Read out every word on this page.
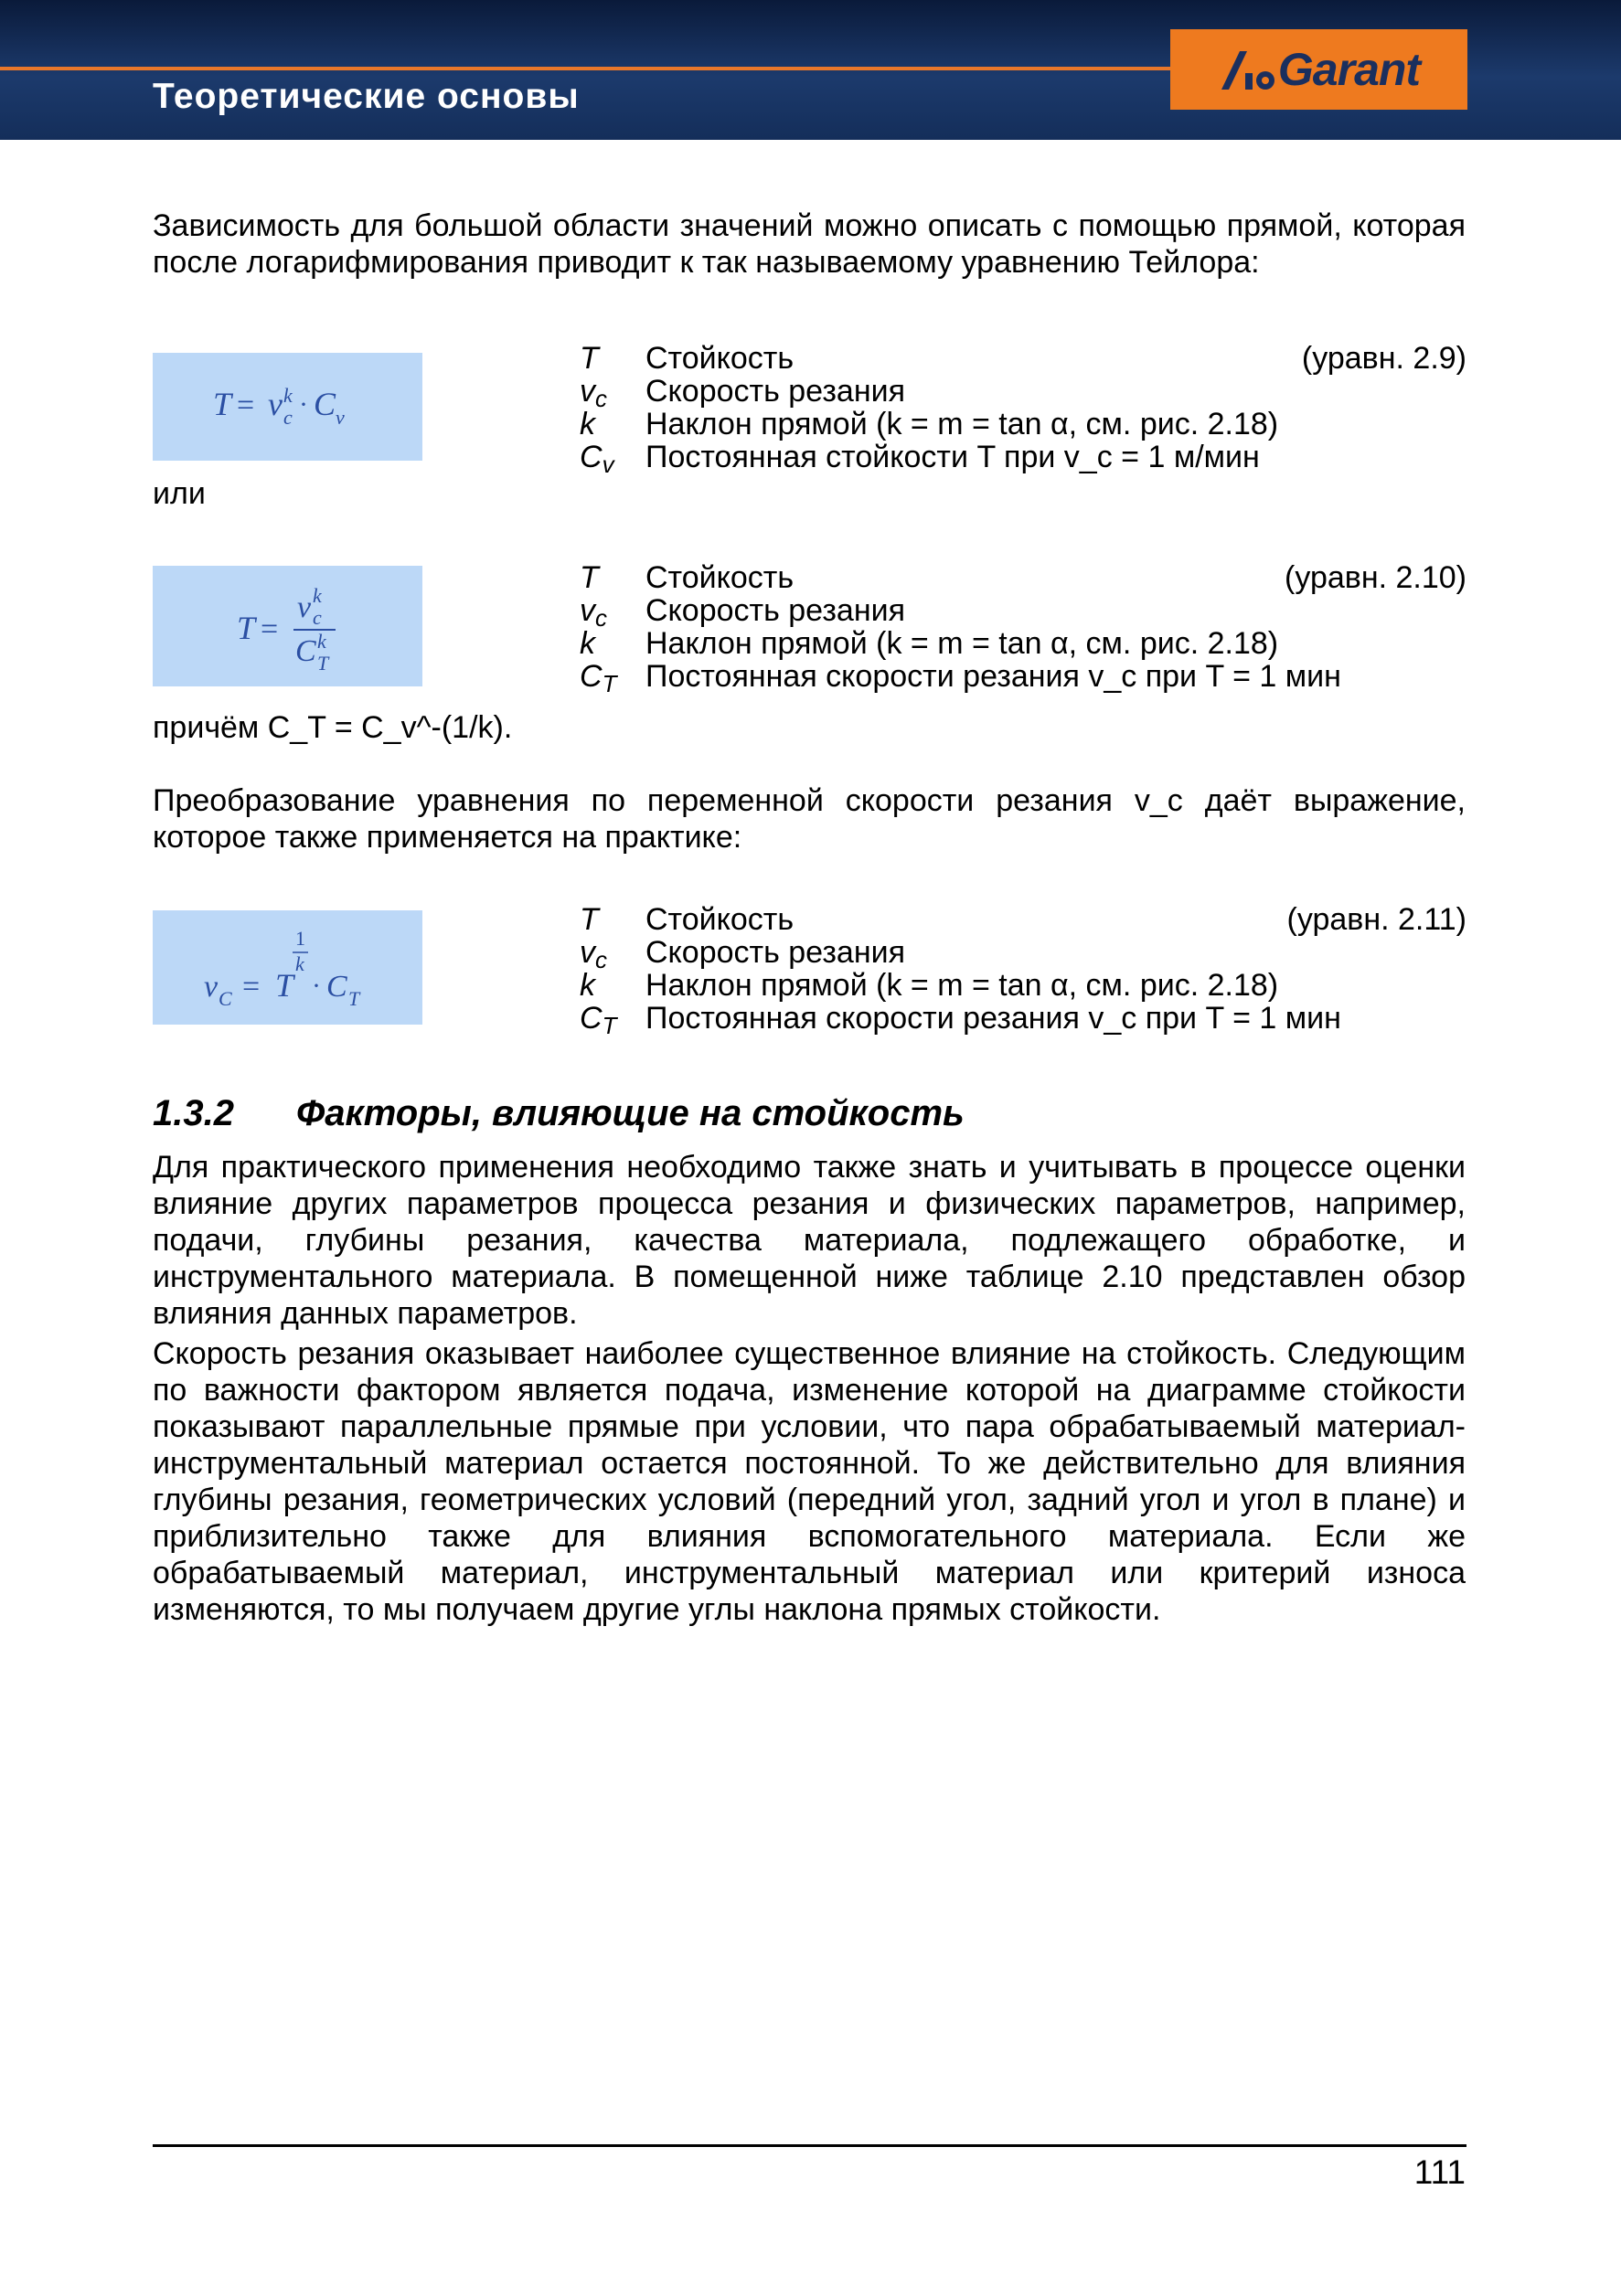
Теоретические основы
Garant
Зависимость для большой области значений можно описать с помощью прямой, которая после логарифмирования приводит к так называемому уравнению Тейлора:
T = v k
c · C v
T Стойкость	(уравн. 2.9)
$v_c$ Скорость резания
k Наклон прямой (k = m = tan α, см. рис. 2.18)
$C_v$ Постоянная стойкости T при v_c = 1 м/мин
или
T =
v k
c
C k
T
T Стойкость	(уравн. 2.10)
$v_c$ Скорость резания
k Наклон прямой (k = m = tan α, см. рис. 2.18)
$C_T$ Постоянная скорости резания v_c при T = 1 мин
причём C_T = C_v^-(1/k).
Преобразование уравнения по переменной скорости резания v_c даёт выражение, которое также применяется на практике:
v C = T
1
k
· C T
T Стойкость	(уравн. 2.11)
$v_c$ Скорость резания
k Наклон прямой (k = m = tan α, см. рис. 2.18)
$C_T$ Постоянная скорости резания v_c при T = 1 мин
1.3.2 Факторы, влияющие на стойкость
Для практического применения необходимо также знать и учитывать в процессе оценки влияние других параметров процесса резания и физических параметров, например, подачи, глубины резания, качества материала, подлежащего обработке, и инструментального материала. В помещенной ниже таблице 2.10 представлен обзор влияния данных параметров.
Скорость резания оказывает наиболее существенное влияние на стойкость. Следующим по важности фактором является подача, изменение которой на диаграмме стойкости показывают параллельные прямые при условии, что пара обрабатываемый материал-инструментальный материал остается постоянной. То же действительно для влияния глубины резания, геометрических условий (передний угол, задний угол и угол в плане) и приблизительно также для влияния вспомогательного материала. Если же обрабатываемый материал, инструментальный материал или критерий износа изменяются, то мы получаем другие углы наклона прямых стойкости.
111
